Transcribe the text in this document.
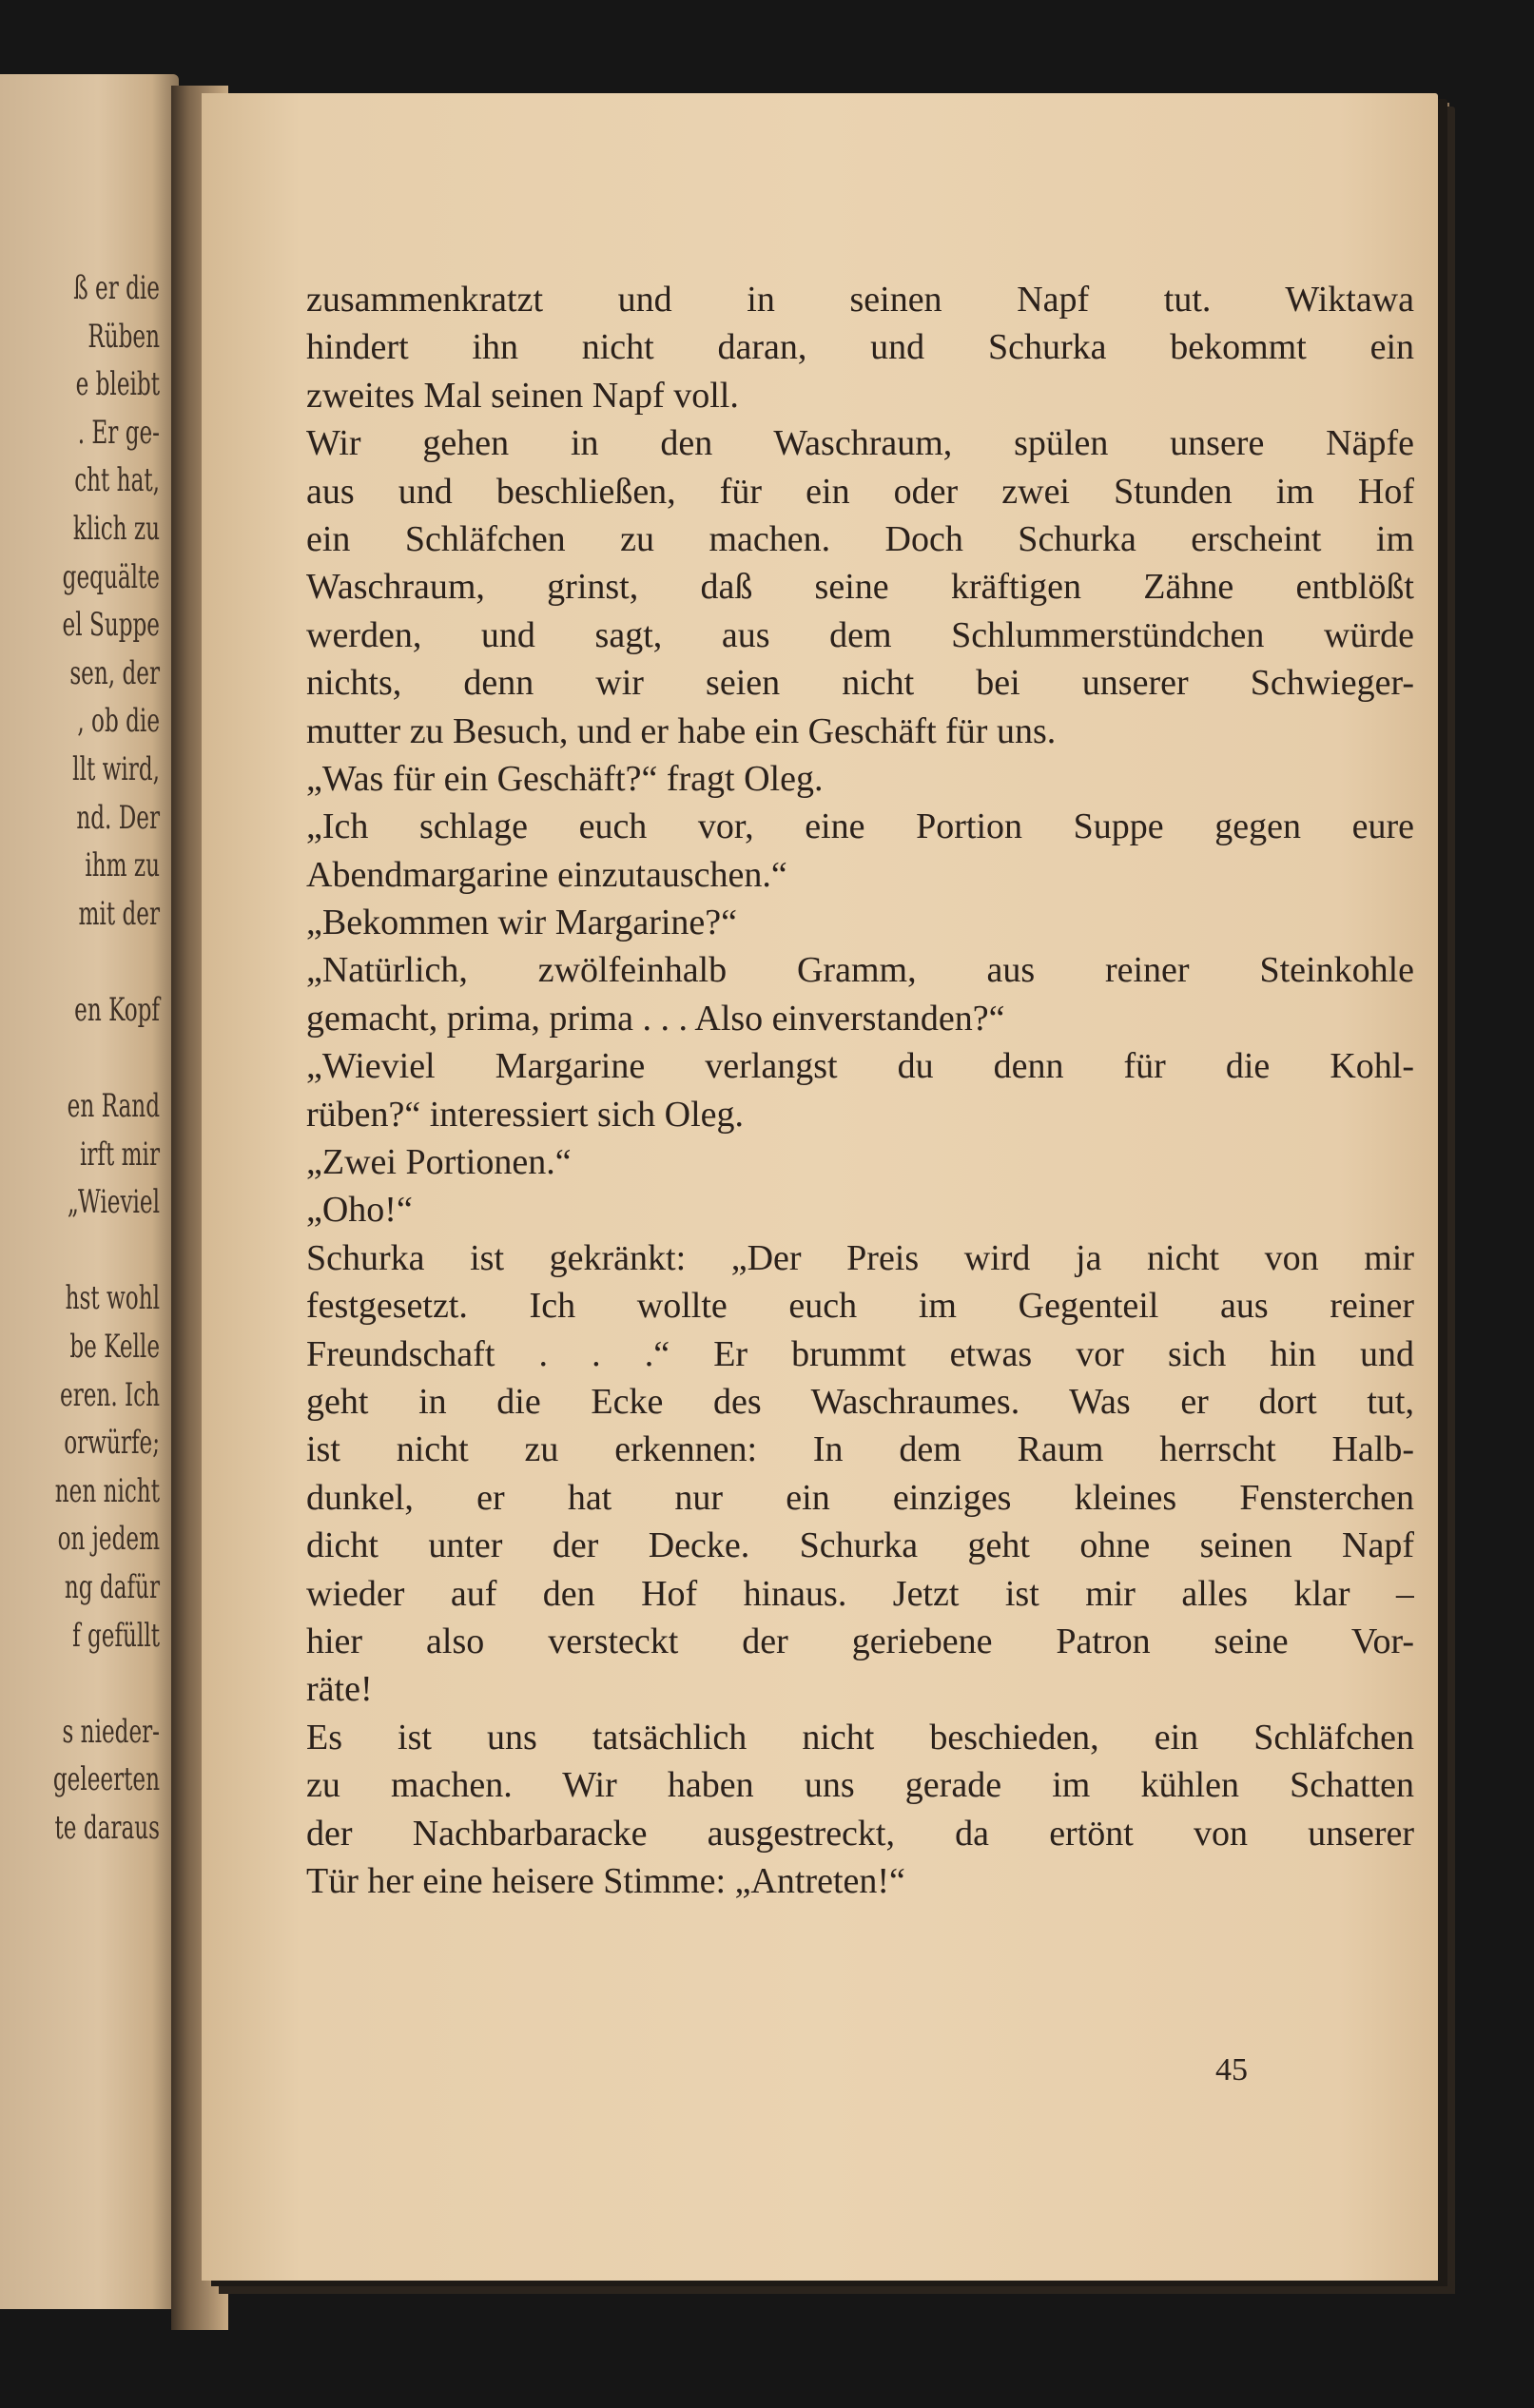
ß er die
Rüben
e bleibt
. Er ge-
cht hat,
klich zu
gequälte
el Suppe
sen, der
, ob die
llt wird,
nd. Der
ihm zu
mit der
en Kopf
en Rand
irft mir
„Wieviel
hst wohl
be Kelle
eren. Ich
orwürfe;
nen nicht
on jedem
ng dafür
f gefüllt
s nieder-
geleerten
te daraus
zusammenkratzt und in seinen Napf tut. Wiktawa
hindert ihn nicht daran, und Schurka bekommt ein
zweites Mal seinen Napf voll.
Wir gehen in den Waschraum, spülen unsere Näpfe
aus und beschließen, für ein oder zwei Stunden im Hof
ein Schläfchen zu machen. Doch Schurka erscheint im
Waschraum, grinst, daß seine kräftigen Zähne entblößt
werden, und sagt, aus dem Schlummerstündchen würde
nichts, denn wir seien nicht bei unserer Schwieger-
mutter zu Besuch, und er habe ein Geschäft für uns.
„Was für ein Geschäft?“ fragt Oleg.
„Ich schlage euch vor, eine Portion Suppe gegen eure
Abendmargarine einzutauschen.“
„Bekommen wir Margarine?“
„Natürlich, zwölfeinhalb Gramm, aus reiner Steinkohle
gemacht, prima, prima . . . Also einverstanden?“
„Wieviel Margarine verlangst du denn für die Kohl-
rüben?“ interessiert sich Oleg.
„Zwei Portionen.“
„Oho!“
Schurka ist gekränkt: „Der Preis wird ja nicht von mir
festgesetzt. Ich wollte euch im Gegenteil aus reiner
Freundschaft . . .“ Er brummt etwas vor sich hin und
geht in die Ecke des Waschraumes. Was er dort tut,
ist nicht zu erkennen: In dem Raum herrscht Halb-
dunkel, er hat nur ein einziges kleines Fensterchen
dicht unter der Decke. Schurka geht ohne seinen Napf
wieder auf den Hof hinaus. Jetzt ist mir alles klar –
hier also versteckt der geriebene Patron seine Vor-
räte!
Es ist uns tatsächlich nicht beschieden, ein Schläfchen
zu machen. Wir haben uns gerade im kühlen Schatten
der Nachbarbaracke ausgestreckt, da ertönt von unserer
Tür her eine heisere Stimme: „Antreten!“
45
